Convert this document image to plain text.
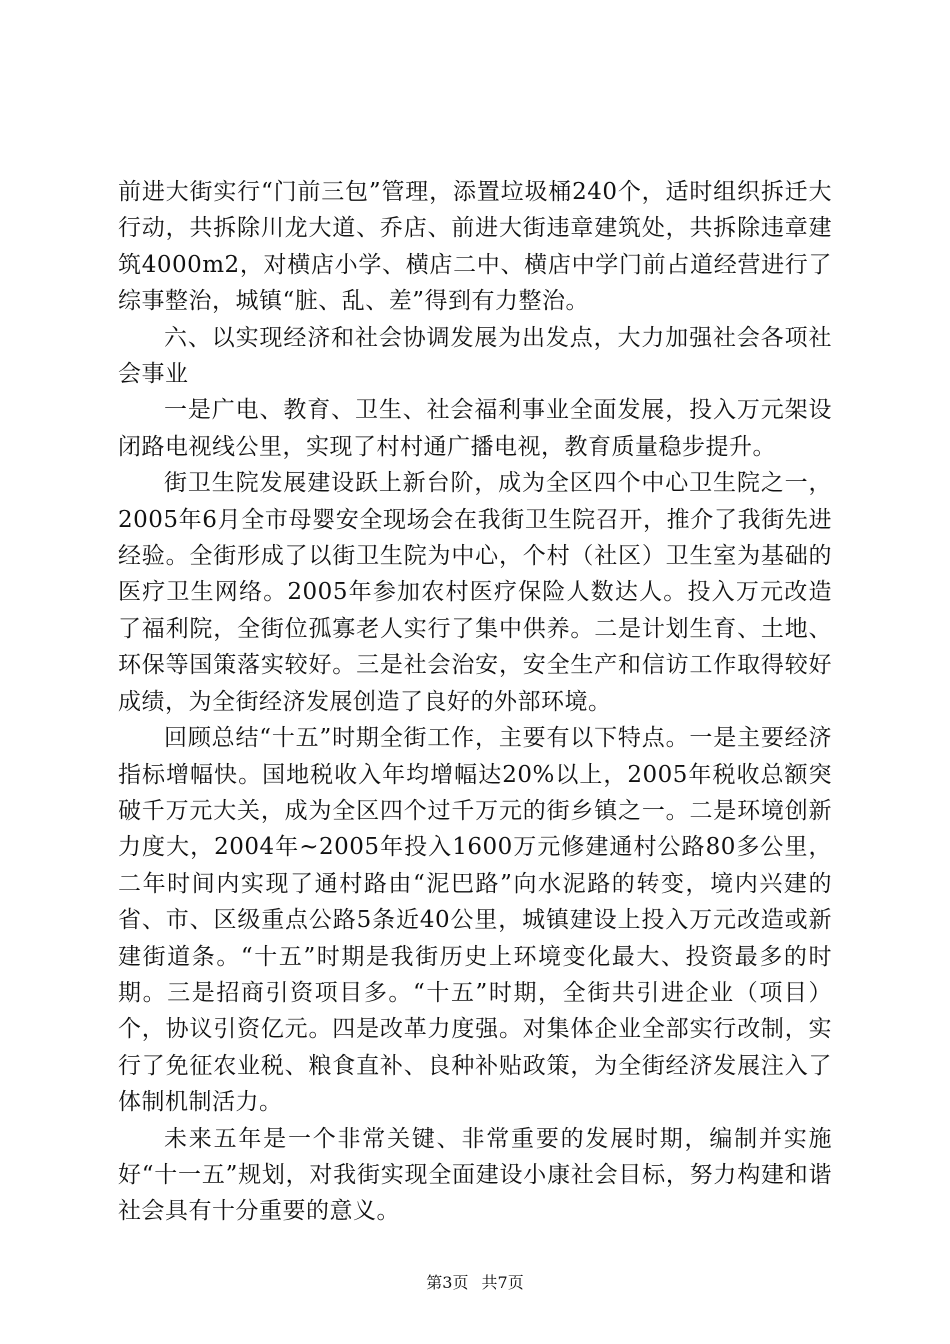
前进大街实行“门前三包”管理，添置垃圾桶240个，适时组织拆迁大行动，共拆除川龙大道、乔店、前进大街违章建筑处，共拆除违章建筑4000m2，对横店小学、横店二中、横店中学门前占道经营进行了综事整治，城镇“脏、乱、差”得到有力整治。

六、以实现经济和社会协调发展为出发点，大力加强社会各项社会事业

一是广电、教育、卫生、社会福利事业全面发展，投入万元架设闭路电视线公里，实现了村村通广播电视，教育质量稳步提升。

街卫生院发展建设跃上新台阶，成为全区四个中心卫生院之一，2005年6月全市母婴安全现场会在我街卫生院召开，推介了我街先进经验。全街形成了以街卫生院为中心，个村（社区）卫生室为基础的医疗卫生网络。2005年参加农村医疗保险人数达人。投入万元改造了福利院，全街位孤寡老人实行了集中供养。二是计划生育、土地、环保等国策落实较好。三是社会治安，安全生产和信访工作取得较好成绩，为全街经济发展创造了良好的外部环境。

回顾总结“十五”时期全街工作，主要有以下特点。一是主要经济指标增幅快。国地税收入年均增幅达20%以上，2005年税收总额突破千万元大关，成为全区四个过千万元的街乡镇之一。二是环境创新力度大，2004年~2005年投入1600万元修建通村公路80多公里，二年时间内实现了通村路由“泥巴路”向水泥路的转变，境内兴建的省、市、区级重点公路5条近40公里，城镇建设上投入万元改造或新建街道条。“十五”时期是我街历史上环境变化最大、投资最多的时期。三是招商引资项目多。“十五”时期，全街共引进企业（项目）个，协议引资亿元。四是改革力度强。对集体企业全部实行改制，实行了免征农业税、粮食直补、良种补贴政策，为全街经济发展注入了体制机制活力。

未来五年是一个非常关键、非常重要的发展时期，编制并实施好“十一五”规划，对我街实现全面建设小康社会目标，努力构建和谐社会具有十分重要的意义。

第3页 共7页
